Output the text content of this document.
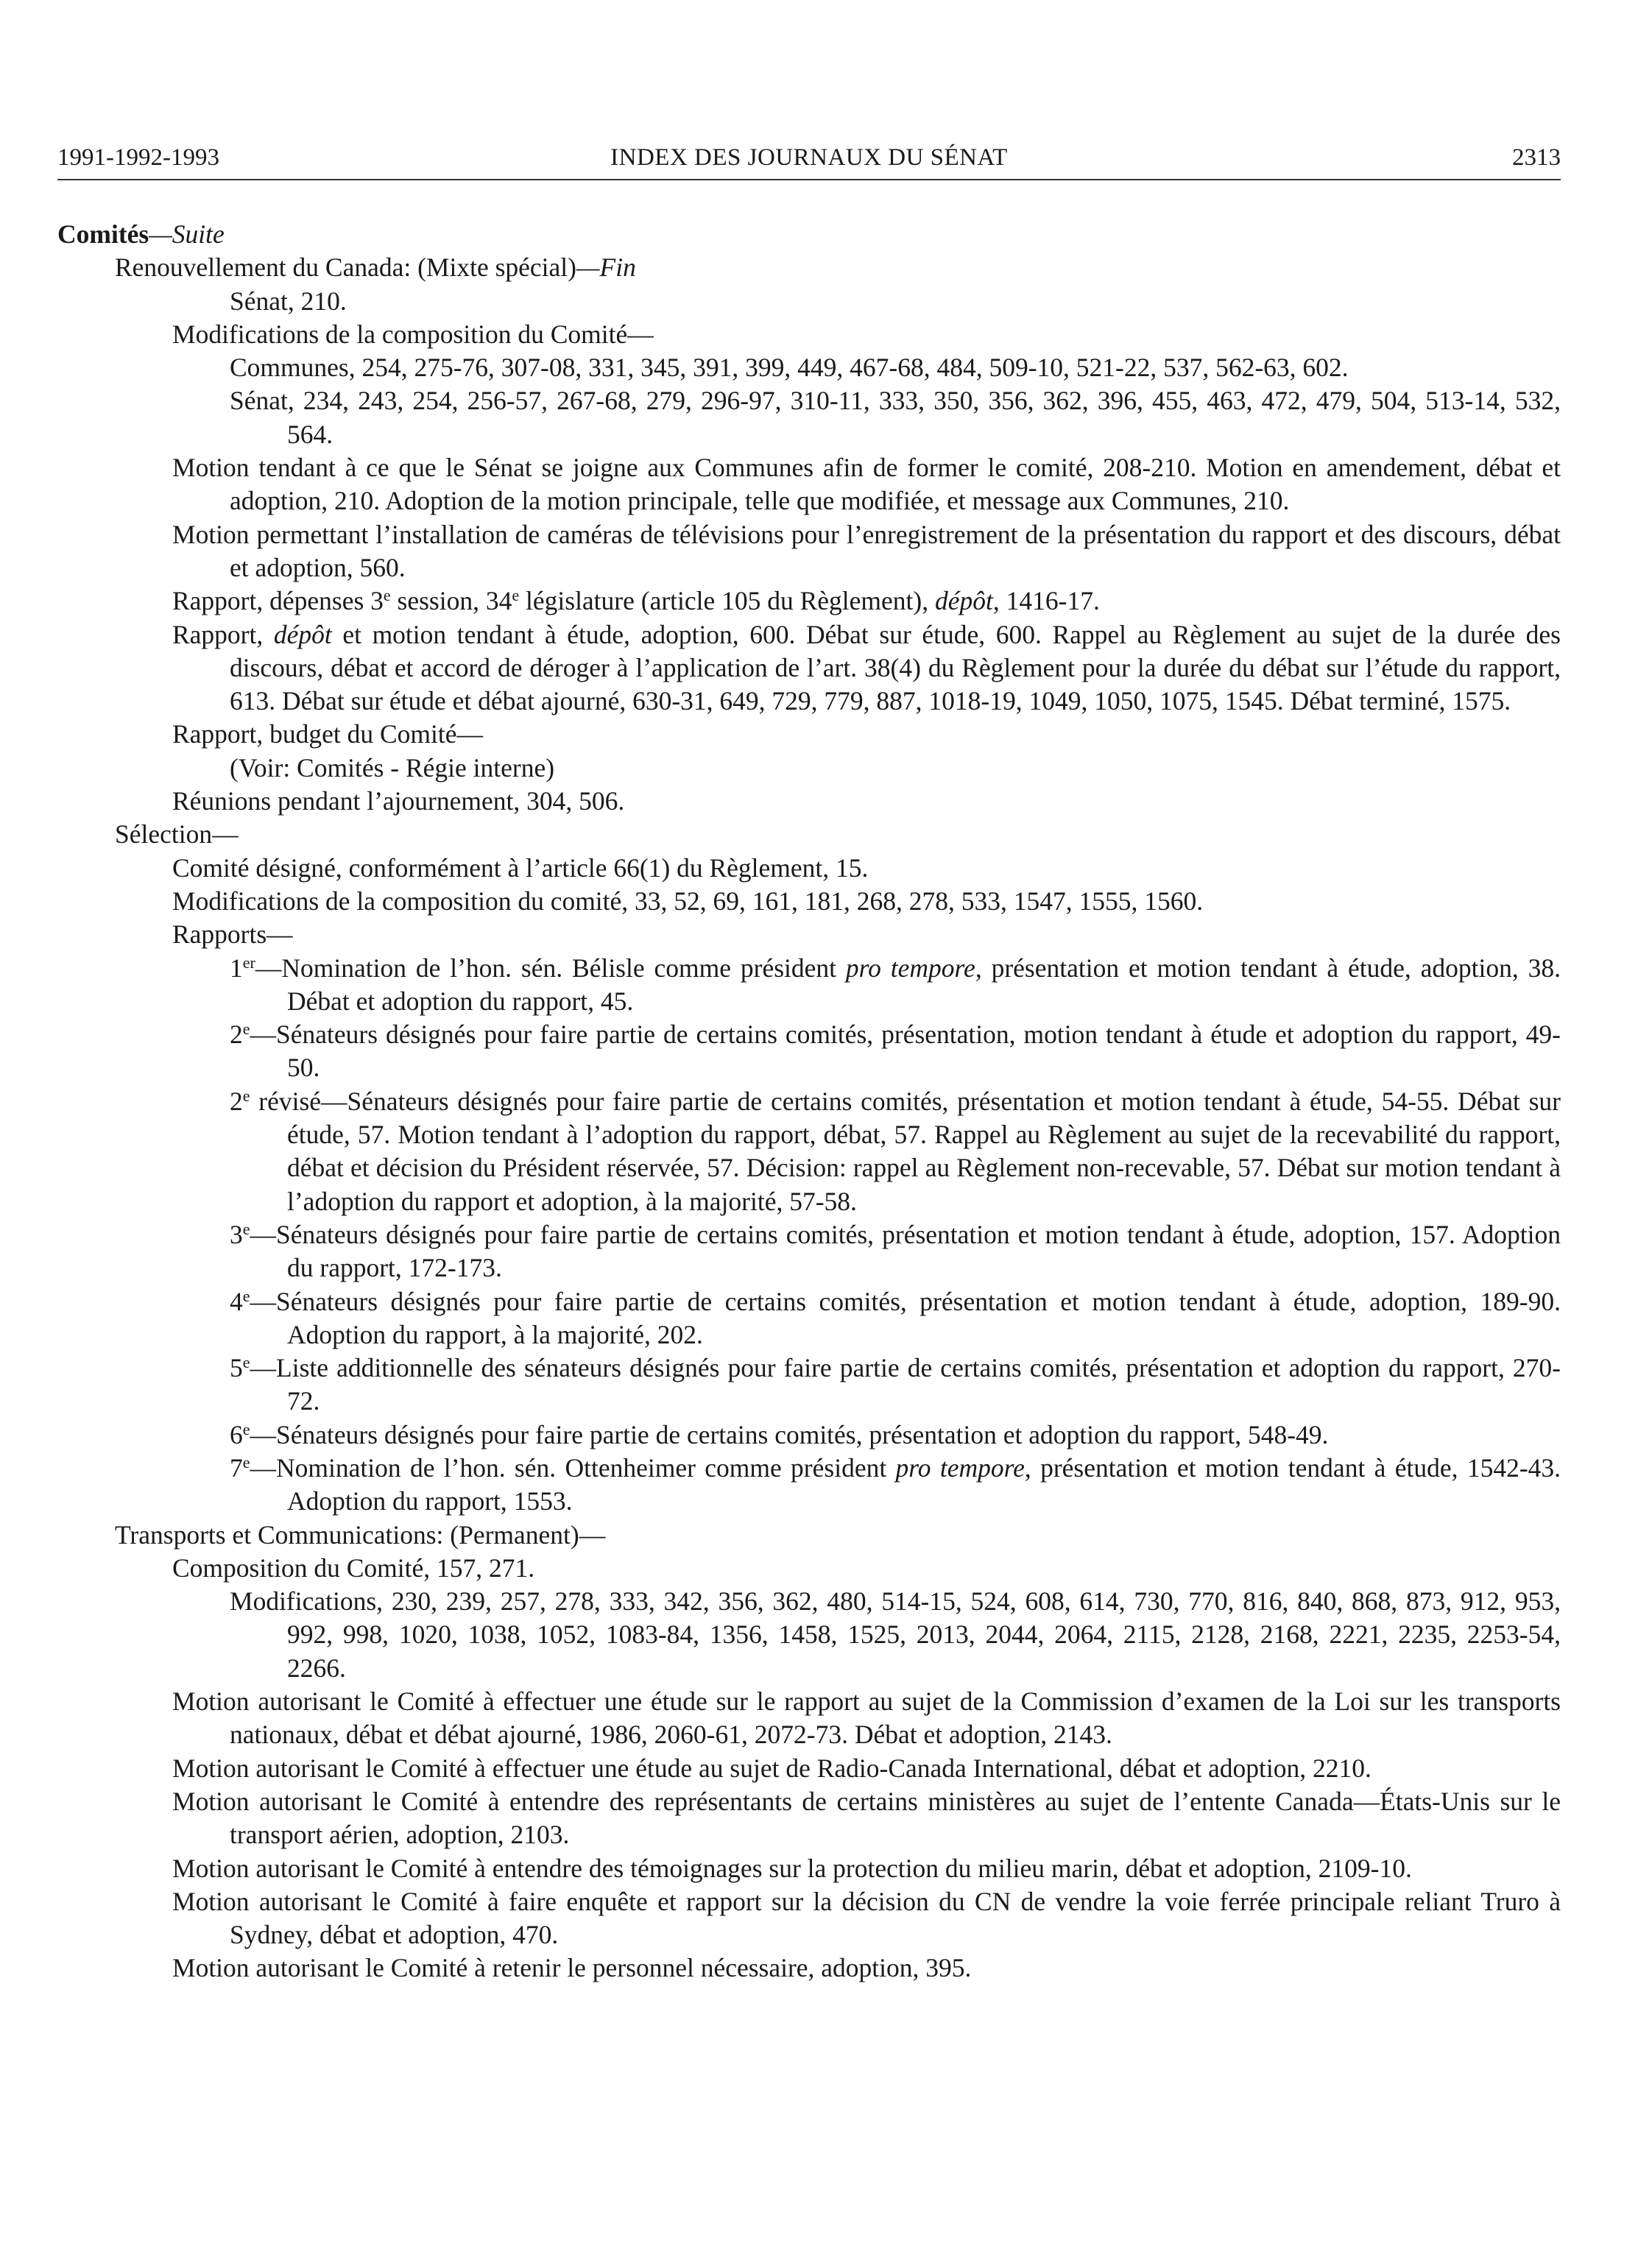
1991-1992-1993	INDEX DES JOURNAUX DU SÉNAT	2313

Comités—Suite

Renouvellement du Canada: (Mixte spécial)—Fin

Sénat, 210.

Modifications de la composition du Comité—

Communes, 254, 275-76, 307-08, 331, 345, 391, 399, 449, 467-68, 484, 509-10, 521-22, 537, 562-63, 602.

Sénat, 234, 243, 254, 256-57, 267-68, 279, 296-97, 310-11, 333, 350, 356, 362, 396, 455, 463, 472, 479, 504, 513-14, 532, 564.

Motion tendant à ce que le Sénat se joigne aux Communes afin de former le comité, 208-210. Motion en amendement, débat et adoption, 210. Adoption de la motion principale, telle que modifiée, et message aux Communes, 210.

Motion permettant l’installation de caméras de télévisions pour l’enregistrement de la présentation du rapport et des discours, débat et adoption, 560.

Rapport, dépenses 3e session, 34e législature (article 105 du Règlement), dépôt, 1416-17.

Rapport, dépôt et motion tendant à étude, adoption, 600. Débat sur étude, 600. Rappel au Règlement au sujet de la durée des discours, débat et accord de déroger à l’application de l’art. 38(4) du Règlement pour la durée du débat sur l’étude du rapport, 613. Débat sur étude et débat ajourné, 630-31, 649, 729, 779, 887, 1018-19, 1049, 1050, 1075, 1545. Débat terminé, 1575.

Rapport, budget du Comité—

(Voir: Comités - Régie interne)

Réunions pendant l’ajournement, 304, 506.

Sélection—

Comité désigné, conformément à l’article 66(1) du Règlement, 15.

Modifications de la composition du comité, 33, 52, 69, 161, 181, 268, 278, 533, 1547, 1555, 1560.

Rapports—

1er—Nomination de l’hon. sén. Bélisle comme président pro tempore, présentation et motion tendant à étude, adoption, 38. Débat et adoption du rapport, 45.

2e—Sénateurs désignés pour faire partie de certains comités, présentation, motion tendant à étude et adoption du rapport, 49-50.

2e révisé—Sénateurs désignés pour faire partie de certains comités, présentation et motion tendant à étude, 54-55. Débat sur étude, 57. Motion tendant à l’adoption du rapport, débat, 57. Rappel au Règlement au sujet de la recevabilité du rapport, débat et décision du Président réservée, 57. Décision: rappel au Règlement non-recevable, 57. Débat sur motion tendant à l’adoption du rapport et adoption, à la majorité, 57-58.

3e—Sénateurs désignés pour faire partie de certains comités, présentation et motion tendant à étude, adoption, 157. Adoption du rapport, 172-173.

4e—Sénateurs désignés pour faire partie de certains comités, présentation et motion tendant à étude, adoption, 189-90. Adoption du rapport, à la majorité, 202.

5e—Liste additionnelle des sénateurs désignés pour faire partie de certains comités, présentation et adoption du rapport, 270-72.

6e—Sénateurs désignés pour faire partie de certains comités, présentation et adoption du rapport, 548-49.

7e—Nomination de l’hon. sén. Ottenheimer comme président pro tempore, présentation et motion tendant à étude, 1542-43. Adoption du rapport, 1553.

Transports et Communications: (Permanent)—

Composition du Comité, 157, 271.

Modifications, 230, 239, 257, 278, 333, 342, 356, 362, 480, 514-15, 524, 608, 614, 730, 770, 816, 840, 868, 873, 912, 953, 992, 998, 1020, 1038, 1052, 1083-84, 1356, 1458, 1525, 2013, 2044, 2064, 2115, 2128, 2168, 2221, 2235, 2253-54, 2266.

Motion autorisant le Comité à effectuer une étude sur le rapport au sujet de la Commission d’examen de la Loi sur les transports nationaux, débat et débat ajourné, 1986, 2060-61, 2072-73. Débat et adoption, 2143.

Motion autorisant le Comité à effectuer une étude au sujet de Radio-Canada International, débat et adoption, 2210.

Motion autorisant le Comité à entendre des représentants de certains ministères au sujet de l’entente Canada—États-Unis sur le transport aérien, adoption, 2103.

Motion autorisant le Comité à entendre des témoignages sur la protection du milieu marin, débat et adoption, 2109-10.

Motion autorisant le Comité à faire enquête et rapport sur la décision du CN de vendre la voie ferrée principale reliant Truro à Sydney, débat et adoption, 470.

Motion autorisant le Comité à retenir le personnel nécessaire, adoption, 395.
